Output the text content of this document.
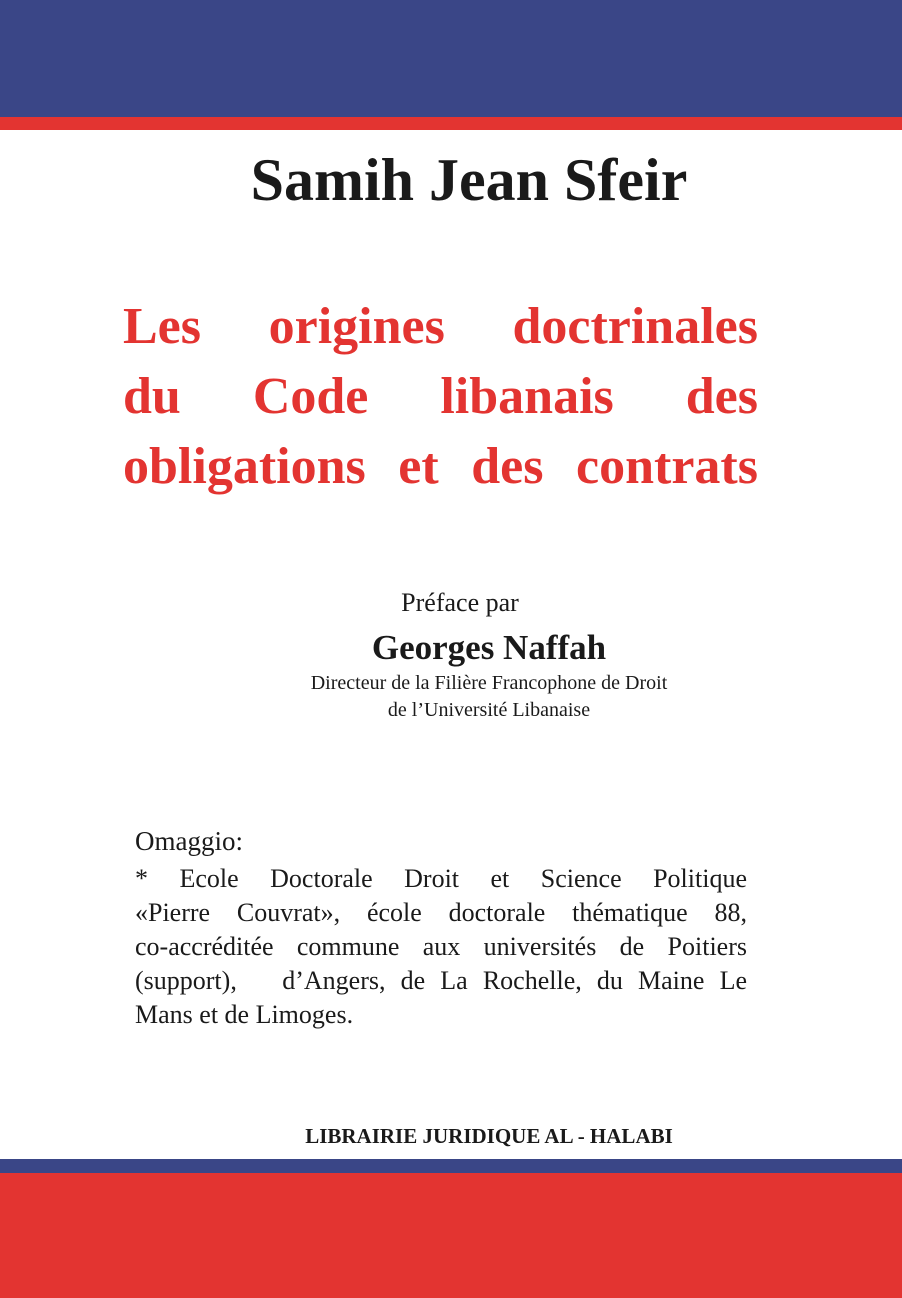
Samih Jean Sfeir
Les origines doctrinales
du Code libanais des
obligations et des contrats
Préface par
Georges Naffah
Directeur de la Filière Francophone de Droit
de l’Université Libanaise
Omaggio:
* Ecole Doctorale Droit et Science Politique
«Pierre Couvrat», école doctorale thématique 88,
co-accréditée commune aux universités de Poitiers
(support),   d’Angers, de La Rochelle, du Maine Le
Mans et de Limoges.
LIBRAIRIE JURIDIQUE AL - HALABI
